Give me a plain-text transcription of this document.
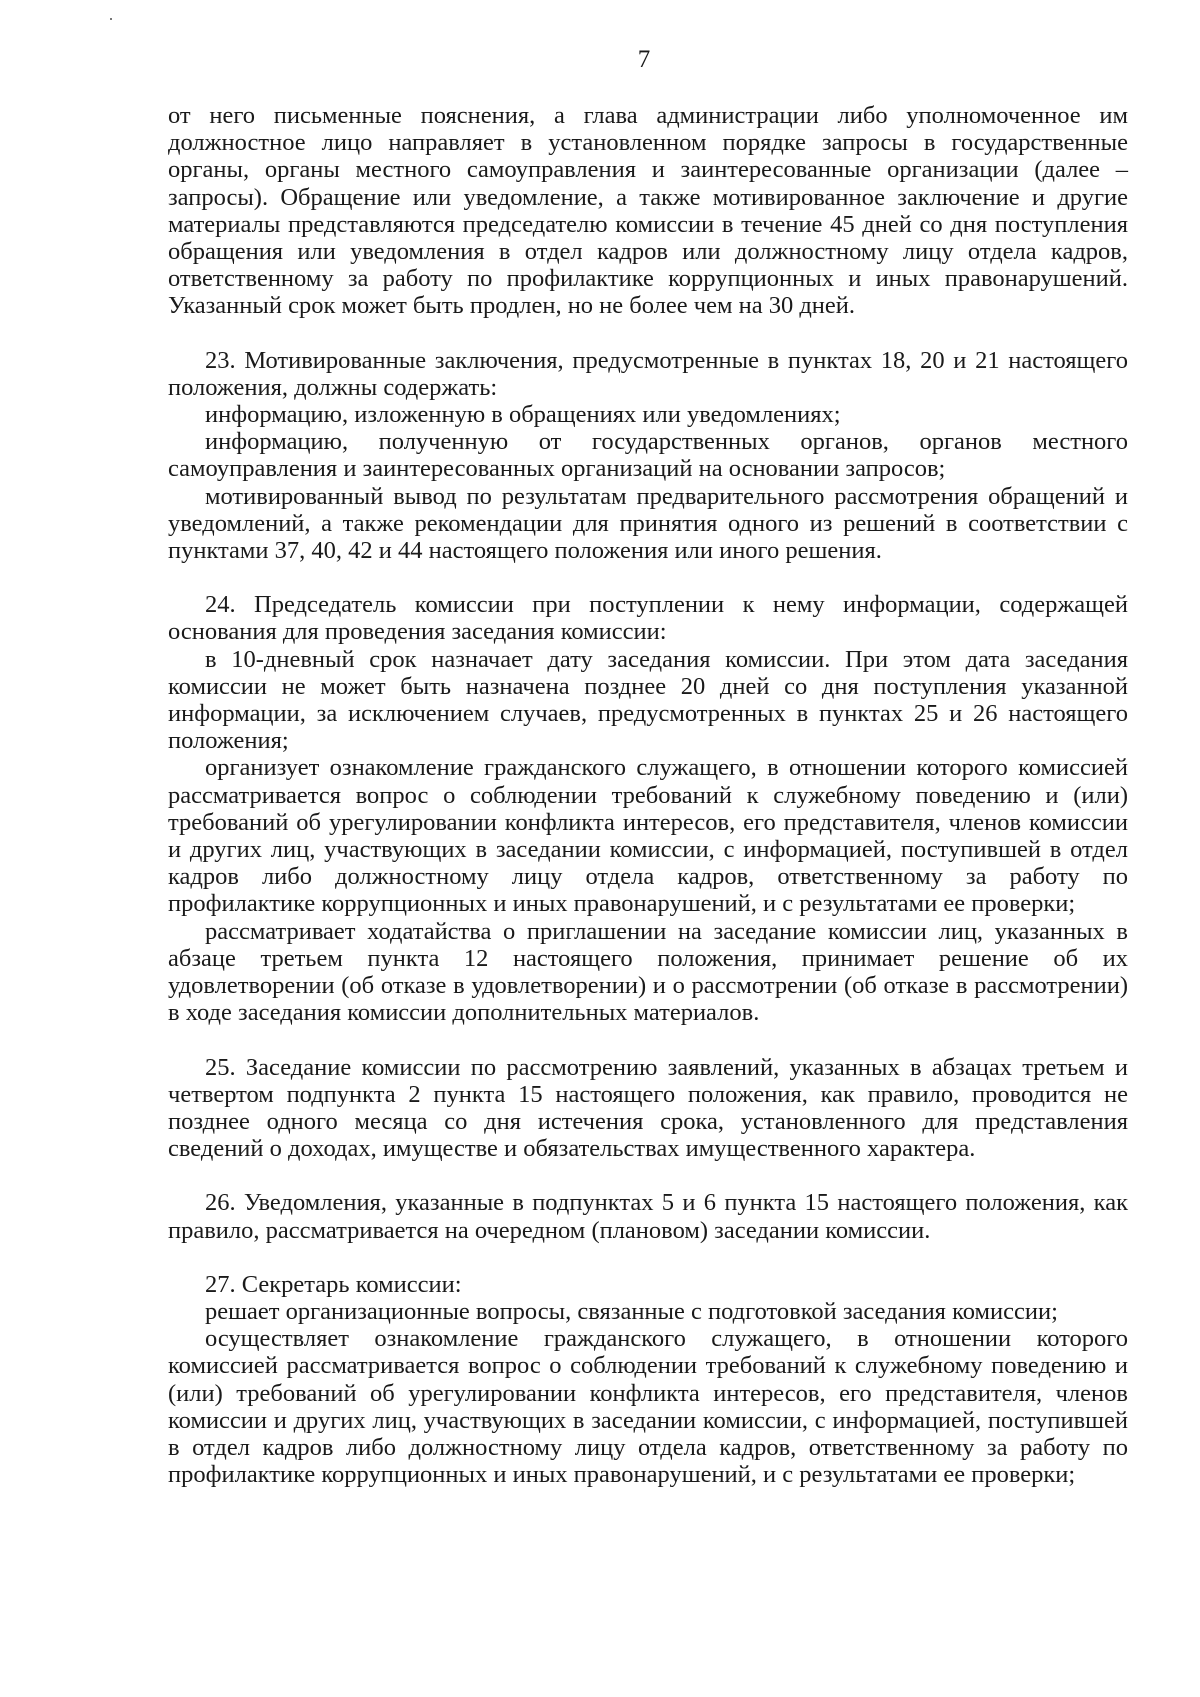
7

от него письменные пояснения, а глава администрации либо уполномоченное им должностное лицо направляет в установленном порядке запросы в государственные органы, органы местного самоуправления и заинтересованные организации (далее – запросы). Обращение или уведомление, а также мотивированное заключение и другие материалы представляются председателю комиссии в течение 45 дней со дня поступления обращения или уведомления в отдел кадров или должностному лицу отдела кадров, ответственному за работу по профилактике коррупционных и иных правонарушений. Указанный срок может быть продлен, но не более чем на 30 дней.

23. Мотивированные заключения, предусмотренные в пунктах 18, 20 и 21 настоящего положения, должны содержать:

информацию, изложенную в обращениях или уведомлениях;

информацию, полученную от государственных органов, органов местного самоуправления и заинтересованных организаций на основании запросов;

мотивированный вывод по результатам предварительного рассмотрения обращений и уведомлений, а также рекомендации для принятия одного из решений в соответствии с пунктами 37, 40, 42 и 44 настоящего положения или иного решения.

24. Председатель комиссии при поступлении к нему информации, содержащей основания для проведения заседания комиссии:

в 10-дневный срок назначает дату заседания комиссии. При этом дата заседания комиссии не может быть назначена позднее 20 дней со дня поступления указанной информации, за исключением случаев, предусмотренных в пунктах 25 и 26 настоящего положения;

организует ознакомление гражданского служащего, в отношении которого комиссией рассматривается вопрос о соблюдении требований к служебному поведению и (или) требований об урегулировании конфликта интересов, его представителя, членов комиссии и других лиц, участвующих в заседании комиссии, с информацией, поступившей в отдел кадров либо должностному лицу отдела кадров, ответственному за работу по профилактике коррупционных и иных правонарушений, и с результатами ее проверки;

рассматривает ходатайства о приглашении на заседание комиссии лиц, указанных в абзаце третьем пункта 12 настоящего положения, принимает решение об их удовлетворении (об отказе в удовлетворении) и о рассмотрении (об отказе в рассмотрении) в ходе заседания комиссии дополнительных материалов.

25. Заседание комиссии по рассмотрению заявлений, указанных в абзацах третьем и четвертом подпункта 2 пункта 15 настоящего положения, как правило, проводится не позднее одного месяца со дня истечения срока, установленного для представления сведений о доходах, имуществе и обязательствах имущественного характера.

26. Уведомления, указанные в подпунктах 5 и 6 пункта 15 настоящего положения, как правило, рассматривается на очередном (плановом) заседании комиссии.

27. Секретарь комиссии:

решает организационные вопросы, связанные с подготовкой заседания комиссии;

осуществляет ознакомление гражданского служащего, в отношении которого комиссией рассматривается вопрос о соблюдении требований к служебному поведению и (или) требований об урегулировании конфликта интересов, его представителя, членов комиссии и других лиц, участвующих в заседании комиссии, с информацией, поступившей в отдел кадров либо должностному лицу отдела кадров, ответственному за работу по профилактике коррупционных и иных правонарушений, и с результатами ее проверки;
